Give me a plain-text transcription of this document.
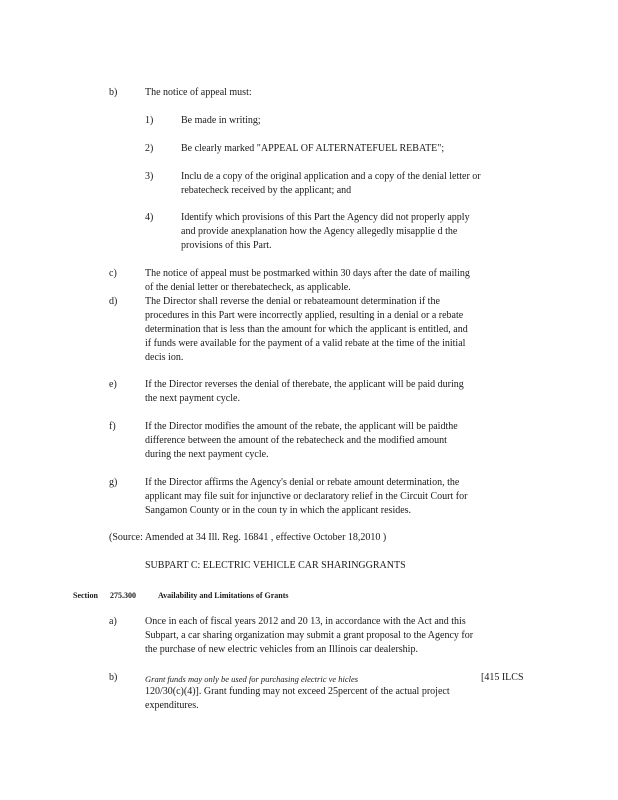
b)	The notice of appeal must:
1)	Be made in writing;
2)	Be clearly marked "APPEAL OF ALTERNATEFUEL REBATE";
3)	Inclu de a copy of the original application and a copy of the denial letter or
rebatecheck received by the applicant; and
4)	Identify which provisions of this Part the Agency did not properly apply
and provide anexplanation how the Agency allegedly misapplie d the
provisions of this Part.
c)	The notice of appeal must be postmarked within 30 days after the date of mailing
of the denial letter or therebatecheck, as applicable.
d)	The Director shall reverse the denial or rebateamount determination if the
procedures in this Part were incorrectly applied, resulting in a denial or a rebate
determination that is less than the amount for which the applicant is entitled, and
if funds were available for the payment of a valid rebate at the time of the initial
decis ion.
e)	If the Director reverses the denial of therebate, the applicant will be paid during
the next payment cycle.
f)	If the Director modifies the amount of the rebate, the applicant will be paidthe
difference between the amount of the rebatecheck and the modified amount
during the next payment cycle.
g)	If the Director affirms the Agency's denial or rebate amount determination, the
applicant may file suit for injunctive or declaratory relief in the Circuit Court for
Sangamon County or in the coun ty in which the applicant resides.
(Source: Amended at 34 Ill. Reg. 16841 , effective October 18,2010 )
SUBPART C: ELECTRIC VEHICLE CAR SHARINGGRANTS
Section 275.300	Availability and Limitations of Grants
a)	Once in each of fiscal years 2012 and 20 13, in accordance with the Act and this
Subpart, a car sharing organization may submit a grant proposal to the Agency for
the purchase of new electric vehicles from an Illinois car dealership.
b)	Grant funds may only be used for purchasing electric ve hicles	[415 ILCS
120/30(c)(4)]. Grant funding may not exceed 25percent of the actual project
expenditures.
